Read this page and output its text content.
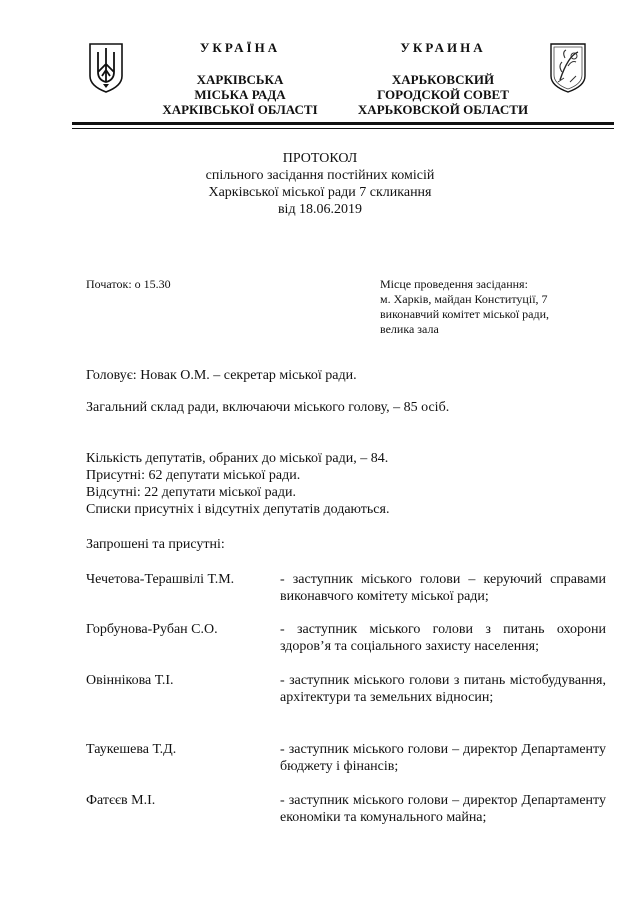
УКРАЇНА
ХАРКІВСЬКА
МІСЬКА РАДА
ХАРКІВСЬКОЇ ОБЛАСТІ
УКРАИНА
ХАРЬКОВСКИЙ
ГОРОДСКОЙ СОВЕТ
ХАРЬКОВСКОЙ ОБЛАСТИ
ПРОТОКОЛ
спільного засідання постійних комісій
Харківської міської ради 7 скликання
від 18.06.2019
Початок: о 15.30	Місце проведення засідання:
м. Харків, майдан Конституції, 7
виконавчий комітет міської ради,
велика зала
Головує: Новак О.М. – секретар міської ради.
Загальний склад ради, включаючи міського голову, – 85 осіб.
Кількість депутатів, обраних до міської ради, – 84.
Присутні: 62 депутати міської ради.
Відсутні: 22 депутати міської ради.
Списки присутніх і відсутніх депутатів додаються.
Запрошені та присутні:
Чечетова-Терашвілі Т.М.	- заступник міського голови – керуючий справами виконавчого комітету міської ради;
Горбунова-Рубан С.О.	- заступник міського голови з питань охорони здоров’я та соціального захисту населення;
Овіннікова Т.І.	- заступник міського голови з питань містобудування, архітектури та земельних відносин;
Таукешева Т.Д.	- заступник міського голови – директор Департаменту бюджету і фінансів;
Фатєєв М.І.	- заступник міського голови – директор Департаменту економіки та комунального майна;
